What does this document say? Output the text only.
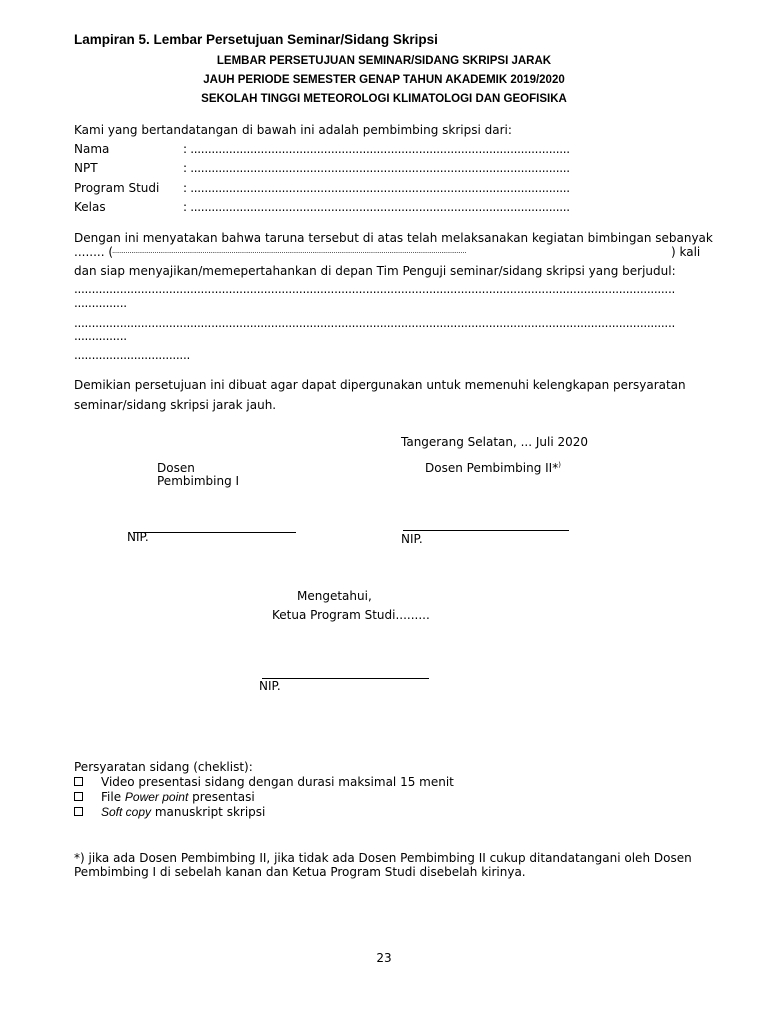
Lampiran 5. Lembar Persetujuan Seminar/Sidang Skripsi
LEMBAR PERSETUJUAN SEMINAR/SIDANG SKRIPSI JARAK
JAUH PERIODE SEMESTER GENAP TAHUN AKADEMIK 2019/2020
SEKOLAH TINGGI METEOROLOGI KLIMATOLOGI DAN GEOFISIKA
Kami yang bertandatangan di bawah ini adalah pembimbing skripsi dari:
Nama	: ............................................................................................................
NPT	: ............................................................................................................
Program Studi : ............................................................................................................
Kelas	: ............................................................................................................
Dengan ini menyatakan bahwa taruna tersebut di atas telah melaksanakan kegiatan bimbingan sebanyak
........ (
........................................................................................................................................................................................	) kali
dan siap menyajikan/memepertahankan di depan Tim Penguji seminar/sidang skripsi yang berjudul:
...........................................................................................................................................................................
...............
...........................................................................................................................................................................
...............
.................................
Demikian persetujuan ini dibuat agar dapat dipergunakan untuk memenuhi kelengkapan persyaratan
seminar/sidang skripsi jarak jauh.
Tangerang Selatan, ... Juli 2020
Dosen
Pembimbing I
Dosen Pembimbing II*)
NIP.	NIP.
Mengetahui,
Ketua Program Studi.........
NIP.
Persyaratan sidang (cheklist):
Video presentasi sidang dengan durasi maksimal 15 menit
File Power point presentasi
Soft copy manuskript skripsi
*) jika ada Dosen Pembimbing II, jika tidak ada Dosen Pembimbing II cukup ditandatangani oleh Dosen
Pembimbing I di sebelah kanan dan Ketua Program Studi disebelah kirinya.
23
